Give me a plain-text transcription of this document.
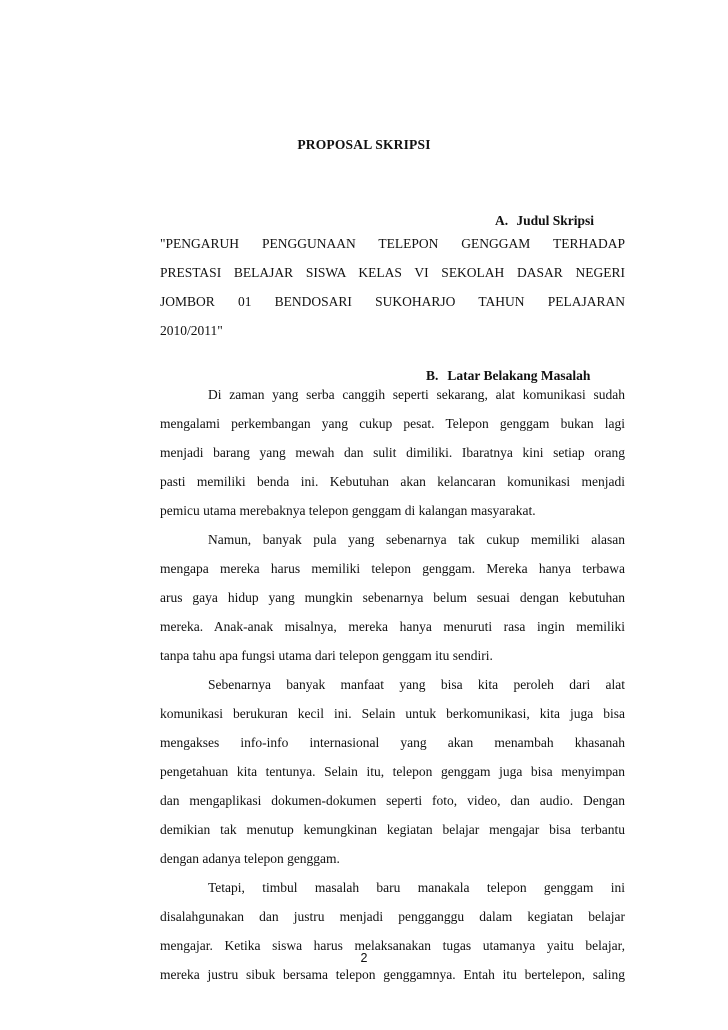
PROPOSAL SKRIPSI
A. Judul Skripsi
"PENGARUH PENGGUNAAN TELEPON GENGGAM TERHADAP
PRESTASI BELAJAR SISWA KELAS VI SEKOLAH DASAR NEGERI
JOMBOR 01 BENDOSARI SUKOHARJO TAHUN PELAJARAN
2010/2011"
B. Latar Belakang Masalah
Di zaman yang serba canggih seperti sekarang, alat komunikasi sudah
mengalami perkembangan yang cukup pesat. Telepon genggam bukan lagi
menjadi barang yang mewah dan sulit dimiliki. Ibaratnya kini setiap orang
pasti memiliki benda ini. Kebutuhan akan kelancaran komunikasi menjadi
pemicu utama merebaknya telepon genggam di kalangan masyarakat.
Namun, banyak pula yang sebenarnya tak cukup memiliki alasan
mengapa mereka harus memiliki telepon genggam. Mereka hanya terbawa
arus gaya hidup yang mungkin sebenarnya belum sesuai dengan kebutuhan
mereka. Anak-anak misalnya, mereka hanya menuruti rasa ingin memiliki
tanpa tahu apa fungsi utama dari telepon genggam itu sendiri.
Sebenarnya banyak manfaat yang bisa kita peroleh dari alat
komunikasi berukuran kecil ini. Selain untuk berkomunikasi, kita juga bisa
mengakses info-info internasional yang akan menambah khasanah
pengetahuan kita tentunya. Selain itu, telepon genggam juga bisa menyimpan
dan mengaplikasi dokumen-dokumen seperti foto, video, dan audio. Dengan
demikian tak menutup kemungkinan kegiatan belajar mengajar bisa terbantu
dengan adanya telepon genggam.
Tetapi, timbul masalah baru manakala telepon genggam ini
disalahgunakan dan justru menjadi pengganggu dalam kegiatan belajar
mengajar. Ketika siswa harus melaksanakan tugas utamanya yaitu belajar,
mereka justru sibuk bersama telepon genggamnya. Entah itu bertelepon, saling
2
